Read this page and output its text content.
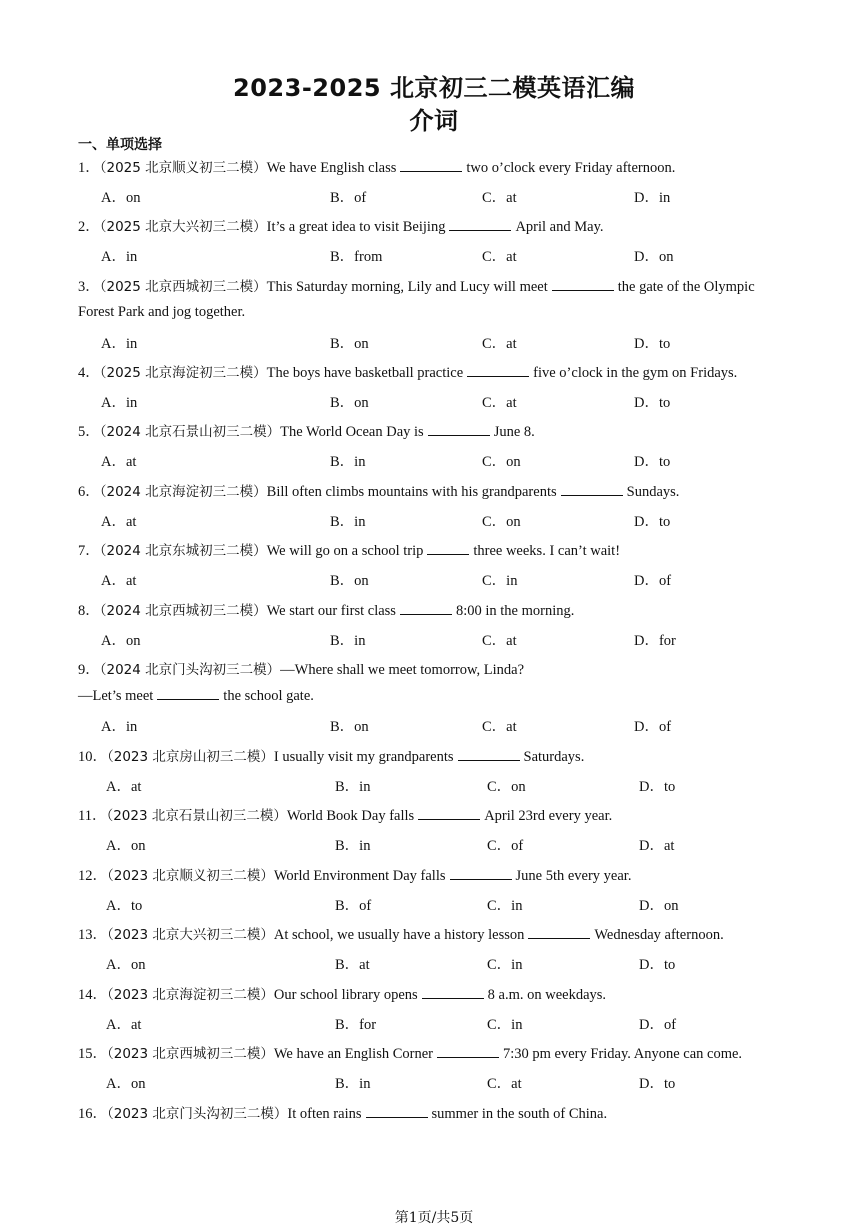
2023-2025 北京初三二模英语汇编
介词
一、单项选择
1．（2025 北京顺义初三二模）We have English class	two o’clock every Friday afternoon.
A．on	B．of	C．at	D．in
2．（2025 北京大兴初三二模）It’s a great idea to visit Beijing	April and May.
A．in	B．from	C．at	D．on
3．（2025 北京西城初三二模）This Saturday morning, Lily and Lucy will meet	the gate of the Olympic
Forest Park and jog together.
A．in	B．on	C．at	D．to
4．（2025 北京海淀初三二模）The boys have basketball practice	five o’clock in the gym on Fridays.
A．in	B．on	C．at	D．to
5．（2024 北京石景山初三二模）The World Ocean Day is	June 8.
A．at	B．in	C．on	D．to
6．（2024 北京海淀初三二模）Bill often climbs mountains with his grandparents	Sundays.
A．at	B．in	C．on	D．to
7．（2024 北京东城初三二模）We will go on a school trip	three weeks. I can’t wait!
A．at	B．on	C．in	D．of
8．（2024 北京西城初三二模）We start our first class	8:00 in the morning.
A．on	B．in	C．at	D．for
9．（2024 北京门头沟初三二模）—Where shall we meet tomorrow, Linda?
—Let’s meet	the school gate.
A．in	B．on	C．at	D．of
10．（2023 北京房山初三二模）I usually visit my grandparents	Saturdays.
A．at	B．in	C．on	D．to
11．（2023 北京石景山初三二模）World Book Day falls	April 23rd every year.
A．on	B．in	C．of	D．at
12．（2023 北京顺义初三二模）World Environment Day falls	June 5th every year.
A．to	B．of	C．in	D．on
13．（2023 北京大兴初三二模）At school, we usually have a history lesson	Wednesday afternoon.
A．on	B．at	C．in	D．to
14．（2023 北京海淀初三二模）Our school library opens	8 a.m. on weekdays.
A．at	B．for	C．in	D．of
15．（2023 北京西城初三二模）We have an English Corner	7:30 pm every Friday. Anyone can come.
A．on	B．in	C．at	D．to
16．（2023 北京门头沟初三二模）It often rains	summer in the south of China.
第1页/共5页
